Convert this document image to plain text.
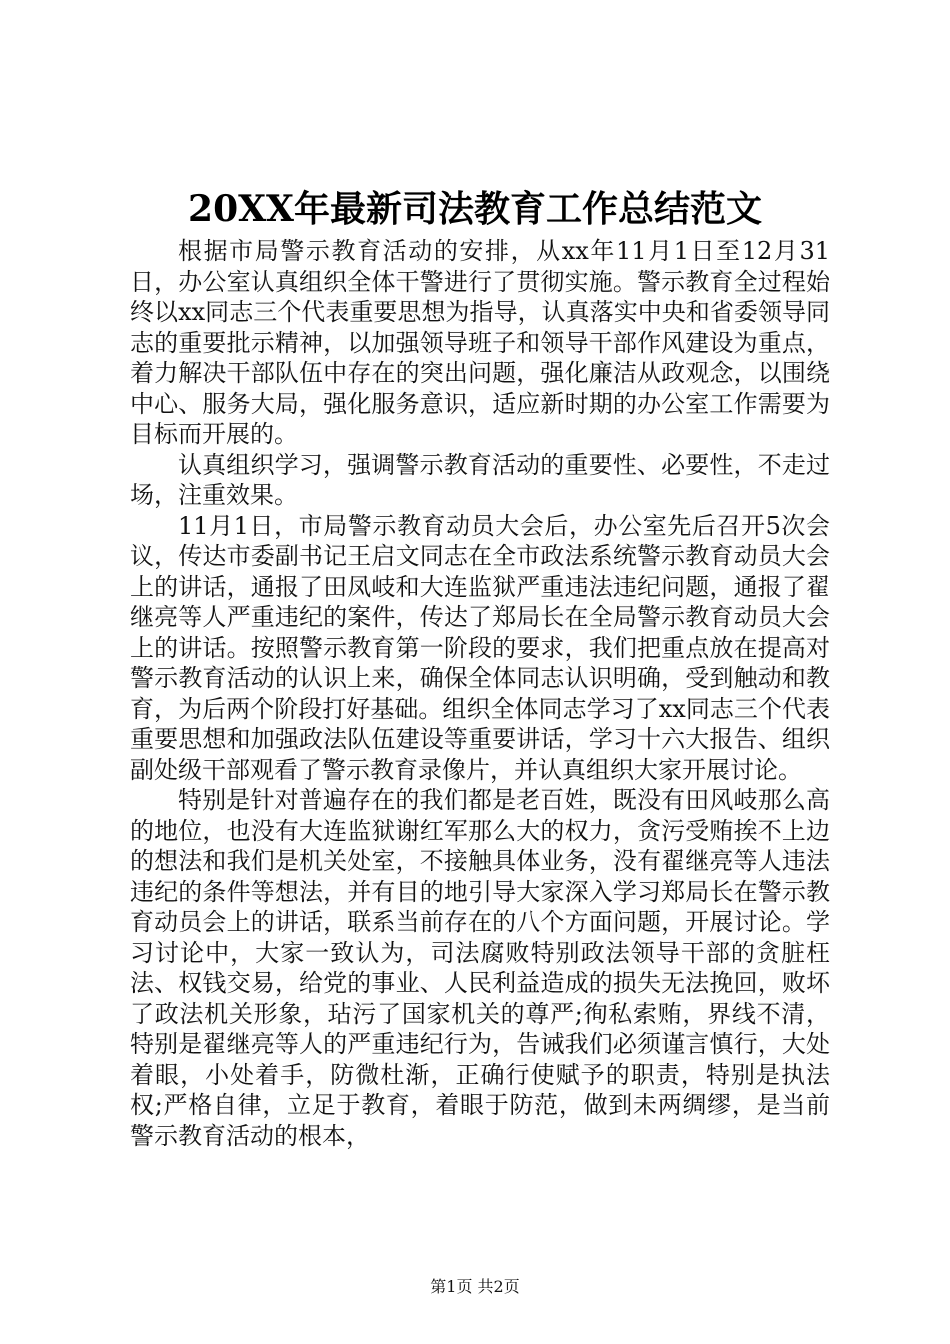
20XX年最新司法教育工作总结范文

根据市局警示教育活动的安排，从xx年11月1日至12月31日，办公室认真组织全体干警进行了贯彻实施。警示教育全过程始终以xx同志三个代表重要思想为指导，认真落实中央和省委领导同志的重要批示精神，以加强领导班子和领导干部作风建设为重点，着力解决干部队伍中存在的突出问题，强化廉洁从政观念，以围绕中心、服务大局，强化服务意识，适应新时期的办公室工作需要为目标而开展的。

认真组织学习，强调警示教育活动的重要性、必要性，不走过场，注重效果。

11月1日，市局警示教育动员大会后，办公室先后召开5次会议，传达市委副书记王启文同志在全市政法系统警示教育动员大会上的讲话，通报了田凤岐和大连监狱严重违法违纪问题，通报了翟继亮等人严重违纪的案件，传达了郑局长在全局警示教育动员大会上的讲话。按照警示教育第一阶段的要求，我们把重点放在提高对警示教育活动的认识上来，确保全体同志认识明确，受到触动和教育，为后两个阶段打好基础。组织全体同志学习了xx同志三个代表重要思想和加强政法队伍建设等重要讲话，学习十六大报告、组织副处级干部观看了警示教育录像片，并认真组织大家开展讨论。

特别是针对普遍存在的我们都是老百姓，既没有田风岐那么高的地位，也没有大连监狱谢红军那么大的权力，贪污受贿挨不上边的想法和我们是机关处室，不接触具体业务，没有翟继亮等人违法违纪的条件等想法，并有目的地引导大家深入学习郑局长在警示教育动员会上的讲话，联系当前存在的八个方面问题，开展讨论。学习讨论中，大家一致认为，司法腐败特别政法领导干部的贪脏枉法、权钱交易，给党的事业、人民利益造成的损失无法挽回，败坏了政法机关形象，玷污了国家机关的尊严;徇私索贿，界线不清，特别是翟继亮等人的严重违纪行为，告诫我们必须谨言慎行，大处着眼，小处着手，防微杜渐，正确行使赋予的职责，特别是执法权;严格自律，立足于教育，着眼于防范，做到未两绸缪，是当前警示教育活动的根本，

第1页 共2页
